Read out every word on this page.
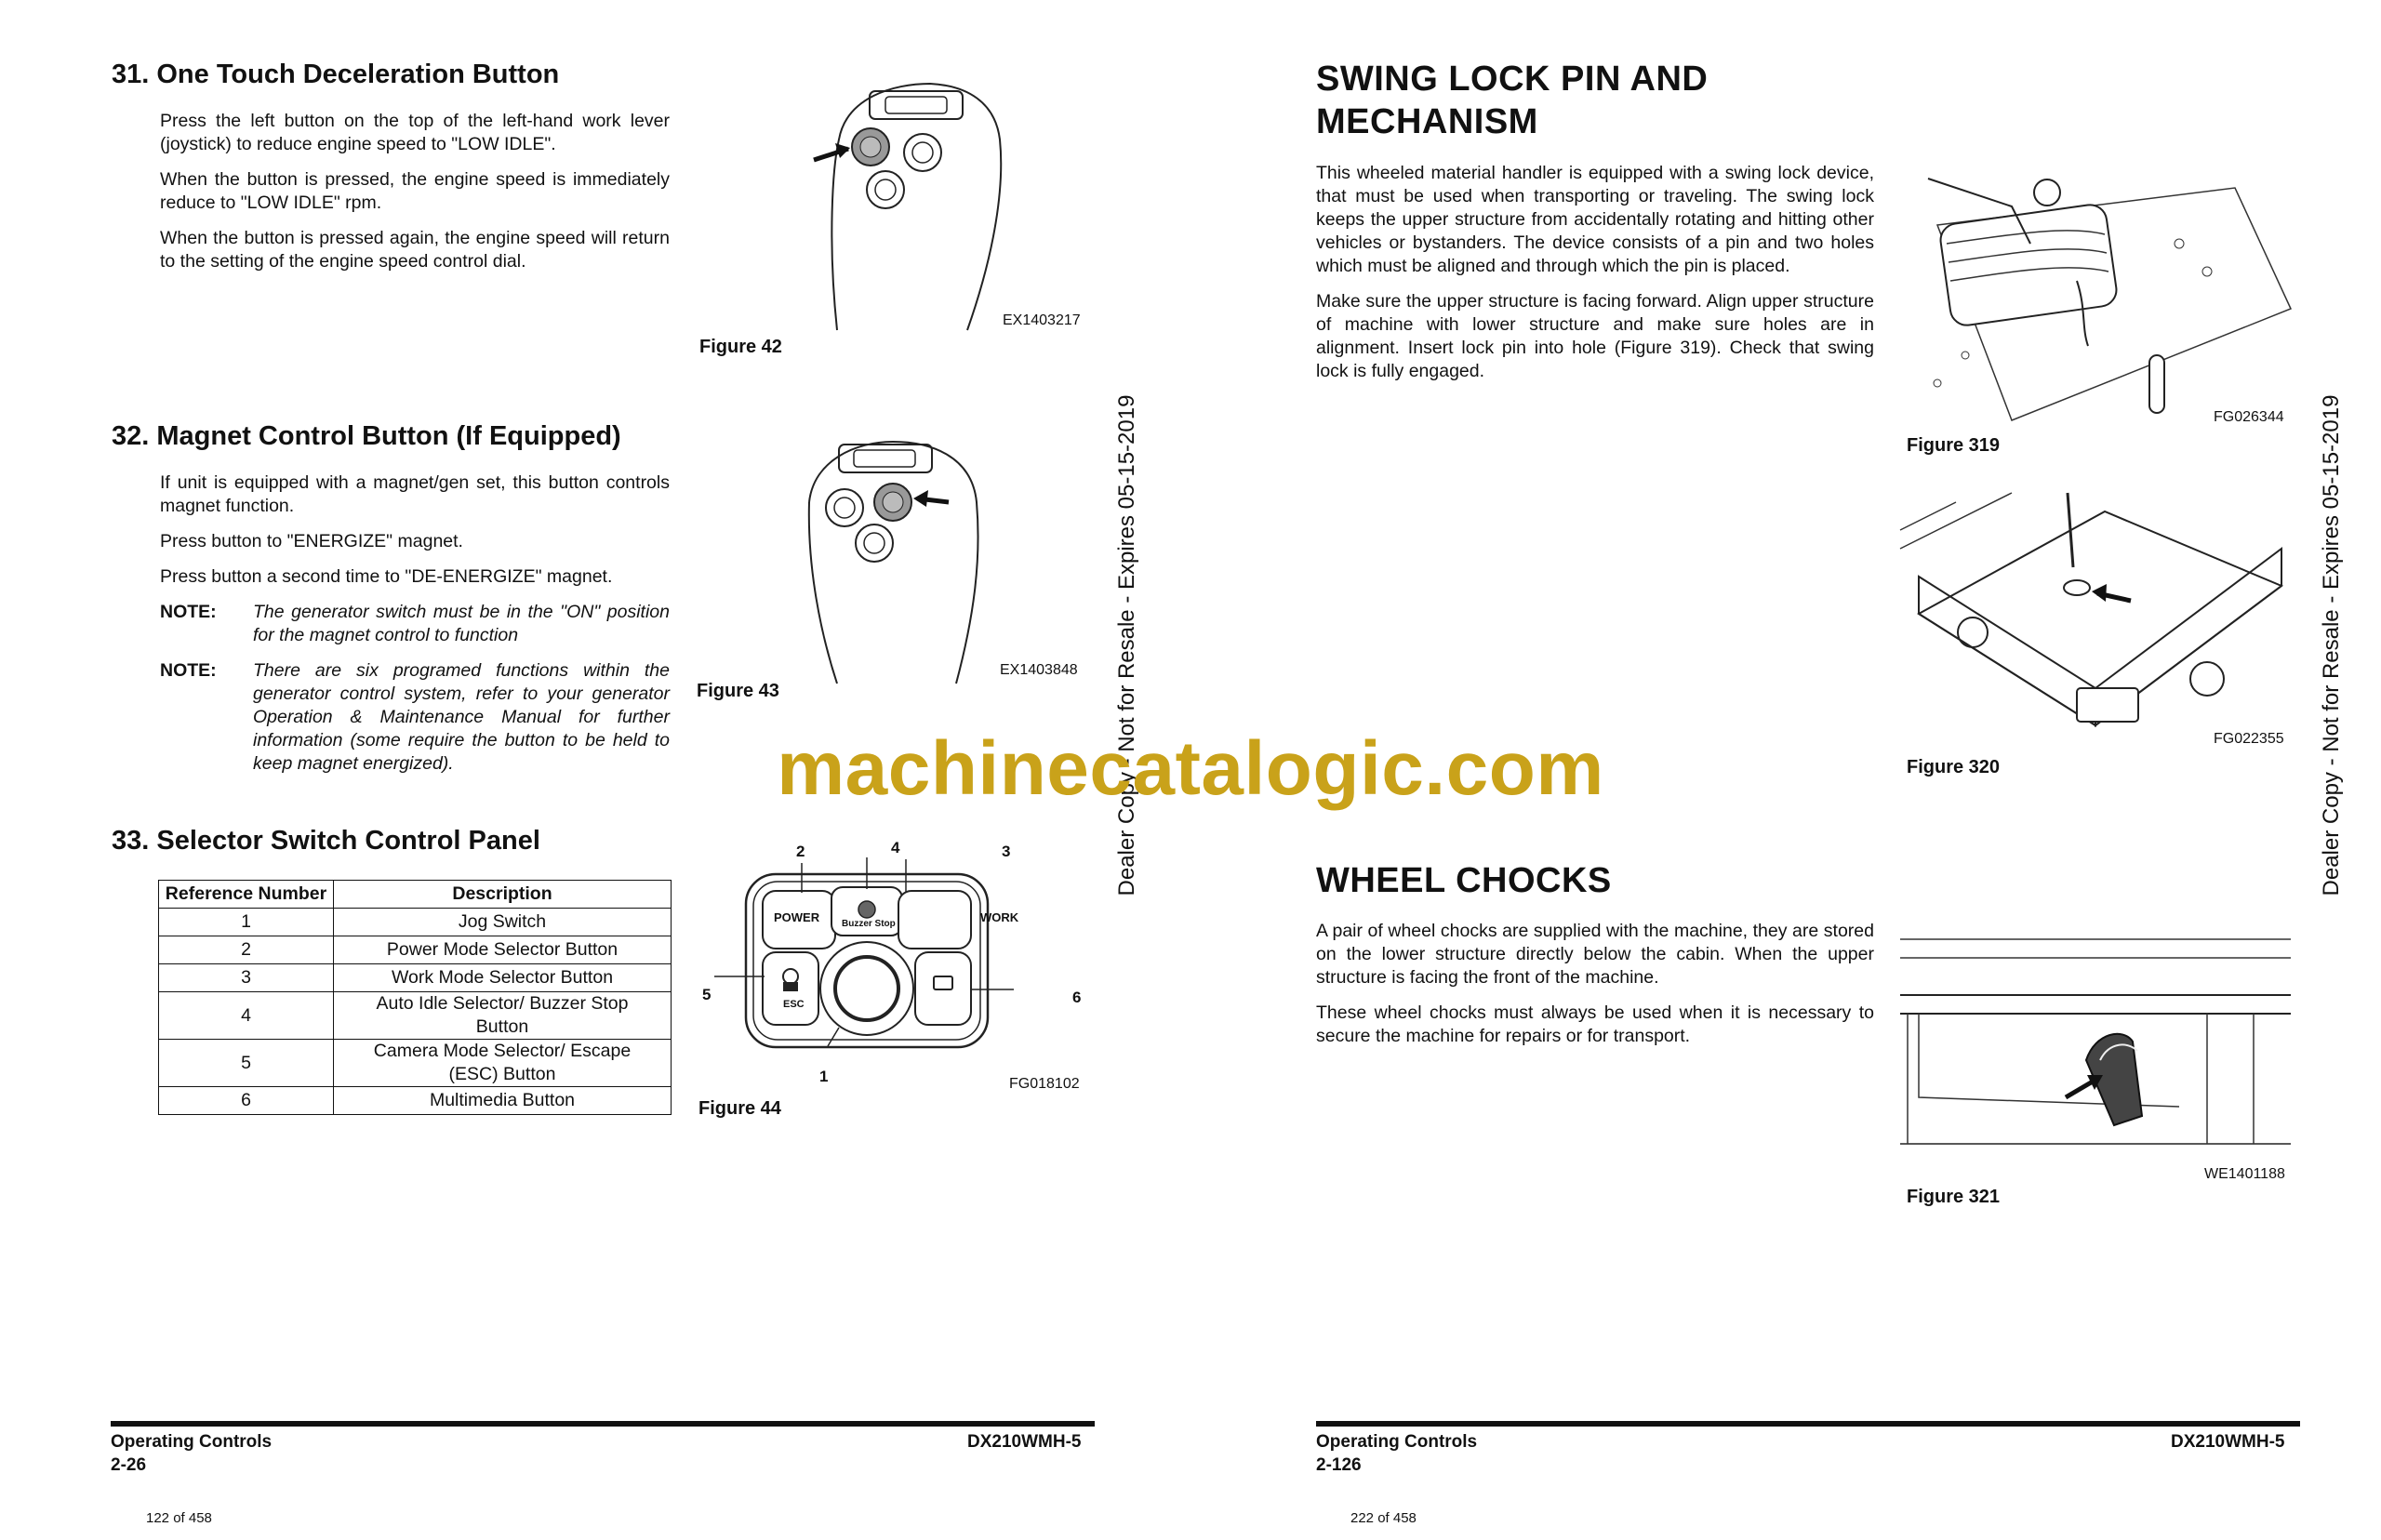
31. One Touch Deceleration Button

Press the left button on the top of the left-hand work lever (joystick) to reduce engine speed to "LOW IDLE".

When the button is pressed, the engine speed is immediately reduce to "LOW IDLE" rpm.

When the button is pressed again, the engine speed will return to the setting of the engine speed control dial.

EX1403217
Figure 42
32. Magnet Control Button (If Equipped)

If unit is equipped with a magnet/gen set, this button controls magnet function.

Press button to "ENERGIZE" magnet.

Press button a second time to "DE-ENERGIZE" magnet.

NOTE:	The generator switch must be in the "ON" position for the magnet control to function
NOTE:	There are six programed functions within the generator control system, refer to your generator Operation & Maintenance Manual for further information (some require the button to be held to keep magnet energized).
EX1403848
Figure 43
33. Selector Switch Control Panel
Reference Number	Description
1	Jog Switch
2	Power Mode Selector Button
3	Work Mode Selector Button
4	Auto Idle Selector/ Buzzer Stop Button
5	Camera Mode Selector/ Escape (ESC) Button
6	Multimedia Button
POWER	WORK
Buzzer Stop
ESC
1
2	3
4
5	6
FG018102
Figure 44
Operating Controls
2-26
DX210WMH-5
122 of 458
Dealer Copy - Not for Resale - Expires 05-15-2019
SWING LOCK PIN AND
MECHANISM

This wheeled material handler is equipped with a swing lock device, that must be used when transporting or traveling. The swing lock keeps the upper structure from accidentally rotating and hitting other vehicles or bystanders. The device consists of a pin and two holes which must be aligned and through which the pin is placed.

Make sure the upper structure is facing forward. Align upper structure of machine with lower structure and make sure holes are in alignment. Insert lock pin into hole (Figure 319). Check that swing lock is fully engaged.

FG026344
Figure 319
FG022355
Figure 320
WHEEL CHOCKS

A pair of wheel chocks are supplied with the machine, they are stored on the lower structure directly below the cabin. When the upper structure is facing the front of the machine.

These wheel chocks must always be used when it is necessary to secure the machine for repairs or for transport.

WE1401188
Figure 321
Operating Controls
2-126
DX210WMH-5
222 of 458
Dealer Copy - Not for Resale - Expires 05-15-2019
machinecatalogic.com
